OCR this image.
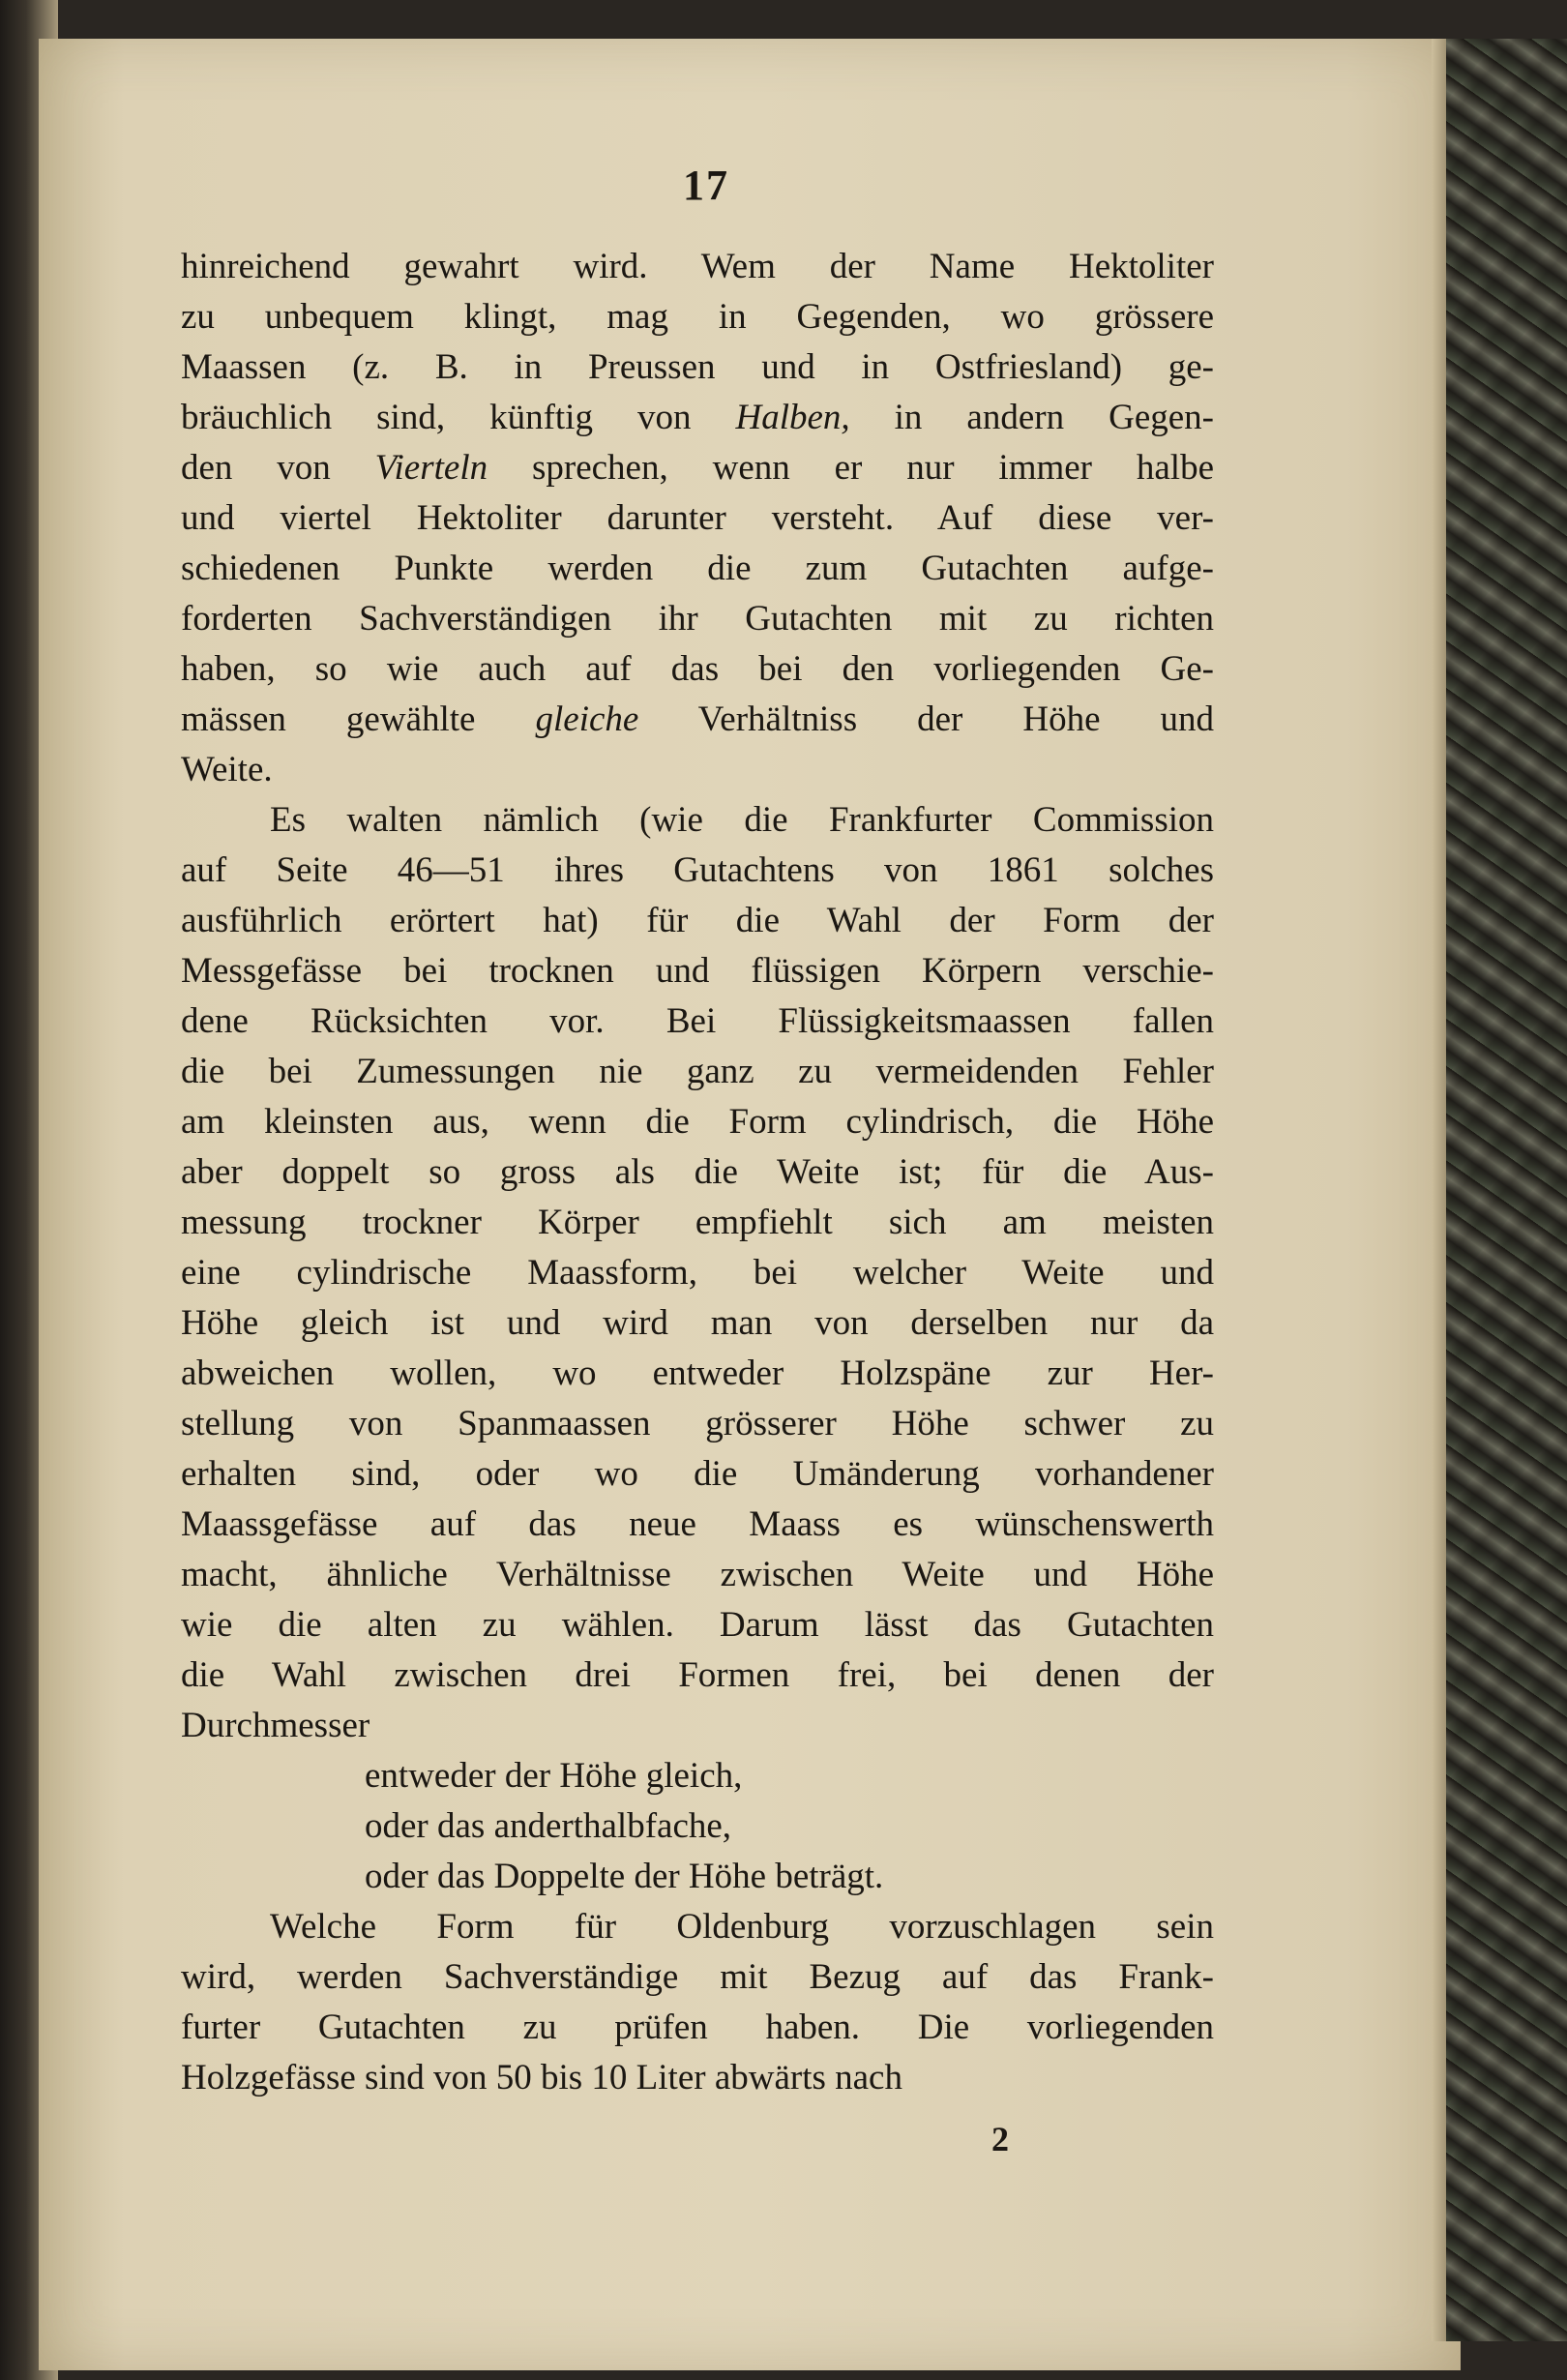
17
hinreichend gewahrt wird. Wem der Name Hektoliter
zu unbequem klingt, mag in Gegenden, wo grössere
Maassen (z. B. in Preussen und in Ostfriesland) ge-
bräuchlich sind, künftig von Halben, in andern Gegen-
den von Vierteln sprechen, wenn er nur immer halbe
und viertel Hektoliter darunter versteht. Auf diese ver-
schiedenen Punkte werden die zum Gutachten aufge-
forderten Sachverständigen ihr Gutachten mit zu richten
haben, so wie auch auf das bei den vorliegenden Ge-
mässen gewählte gleiche Verhältniss der Höhe und
Weite.
Es walten nämlich (wie die Frankfurter Commission
auf Seite 46—51 ihres Gutachtens von 1861 solches
ausführlich erörtert hat) für die Wahl der Form der
Messgefässe bei trocknen und flüssigen Körpern verschie-
dene Rücksichten vor. Bei Flüssigkeitsmaassen fallen
die bei Zumessungen nie ganz zu vermeidenden Fehler
am kleinsten aus, wenn die Form cylindrisch, die Höhe
aber doppelt so gross als die Weite ist; für die Aus-
messung trockner Körper empfiehlt sich am meisten
eine cylindrische Maassform, bei welcher Weite und
Höhe gleich ist und wird man von derselben nur da
abweichen wollen, wo entweder Holzspäne zur Her-
stellung von Spanmaassen grösserer Höhe schwer zu
erhalten sind, oder wo die Umänderung vorhandener
Maassgefässe auf das neue Maass es wünschenswerth
macht, ähnliche Verhältnisse zwischen Weite und Höhe
wie die alten zu wählen. Darum lässt das Gutachten
die Wahl zwischen drei Formen frei, bei denen der
Durchmesser
entweder der Höhe gleich,
oder das anderthalbfache,
oder das Doppelte der Höhe beträgt.
Welche Form für Oldenburg vorzuschlagen sein
wird, werden Sachverständige mit Bezug auf das Frank-
furter Gutachten zu prüfen haben. Die vorliegenden
Holzgefässe sind von 50 bis 10 Liter abwärts nach
2
